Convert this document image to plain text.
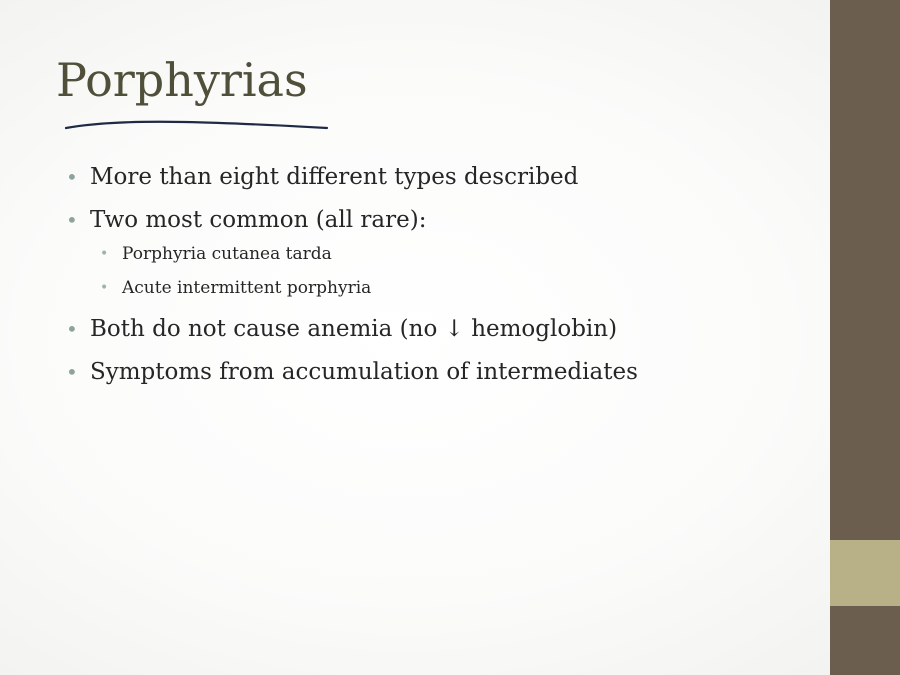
Porphyrias
• More than eight different types described
• Two most common (all rare):
• Porphyria cutanea tarda
• Acute intermittent porphyria
• Both do not cause anemia (no ↓ hemoglobin)
• Symptoms from accumulation of intermediates
